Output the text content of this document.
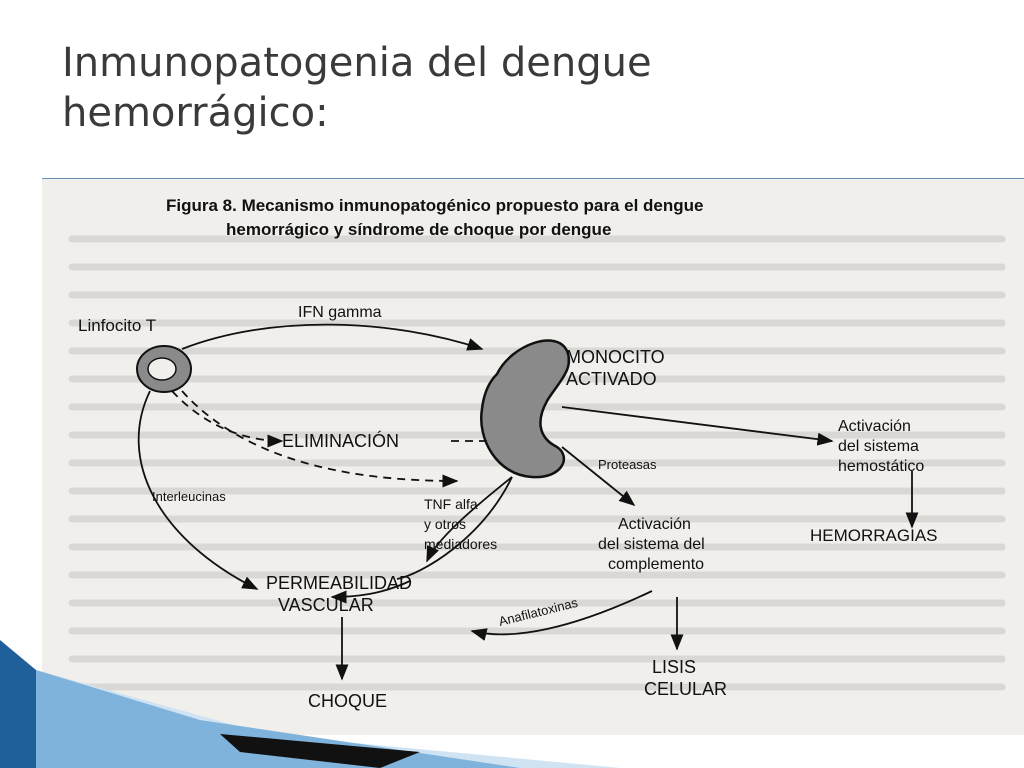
Inmunopatogenia del dengue
hemorrágico:
Figura 8. Mecanismo inmunopatogénico propuesto para el dengue
hemorrágico y síndrome de choque por dengue
Linfocito T
IFN gamma
MONOCITO
ACTIVADO
ELIMINACIÓN
Activación
del sistema
hemostático
Proteasas
Interleucinas	TNF alfa
y otros
mediadores
Activación
del sistema del
complemento
HEMORRAGIAS
PERMEABILIDAD
VASCULAR	Anafilatoxinas
LISIS
CELULAR
CHOQUE
